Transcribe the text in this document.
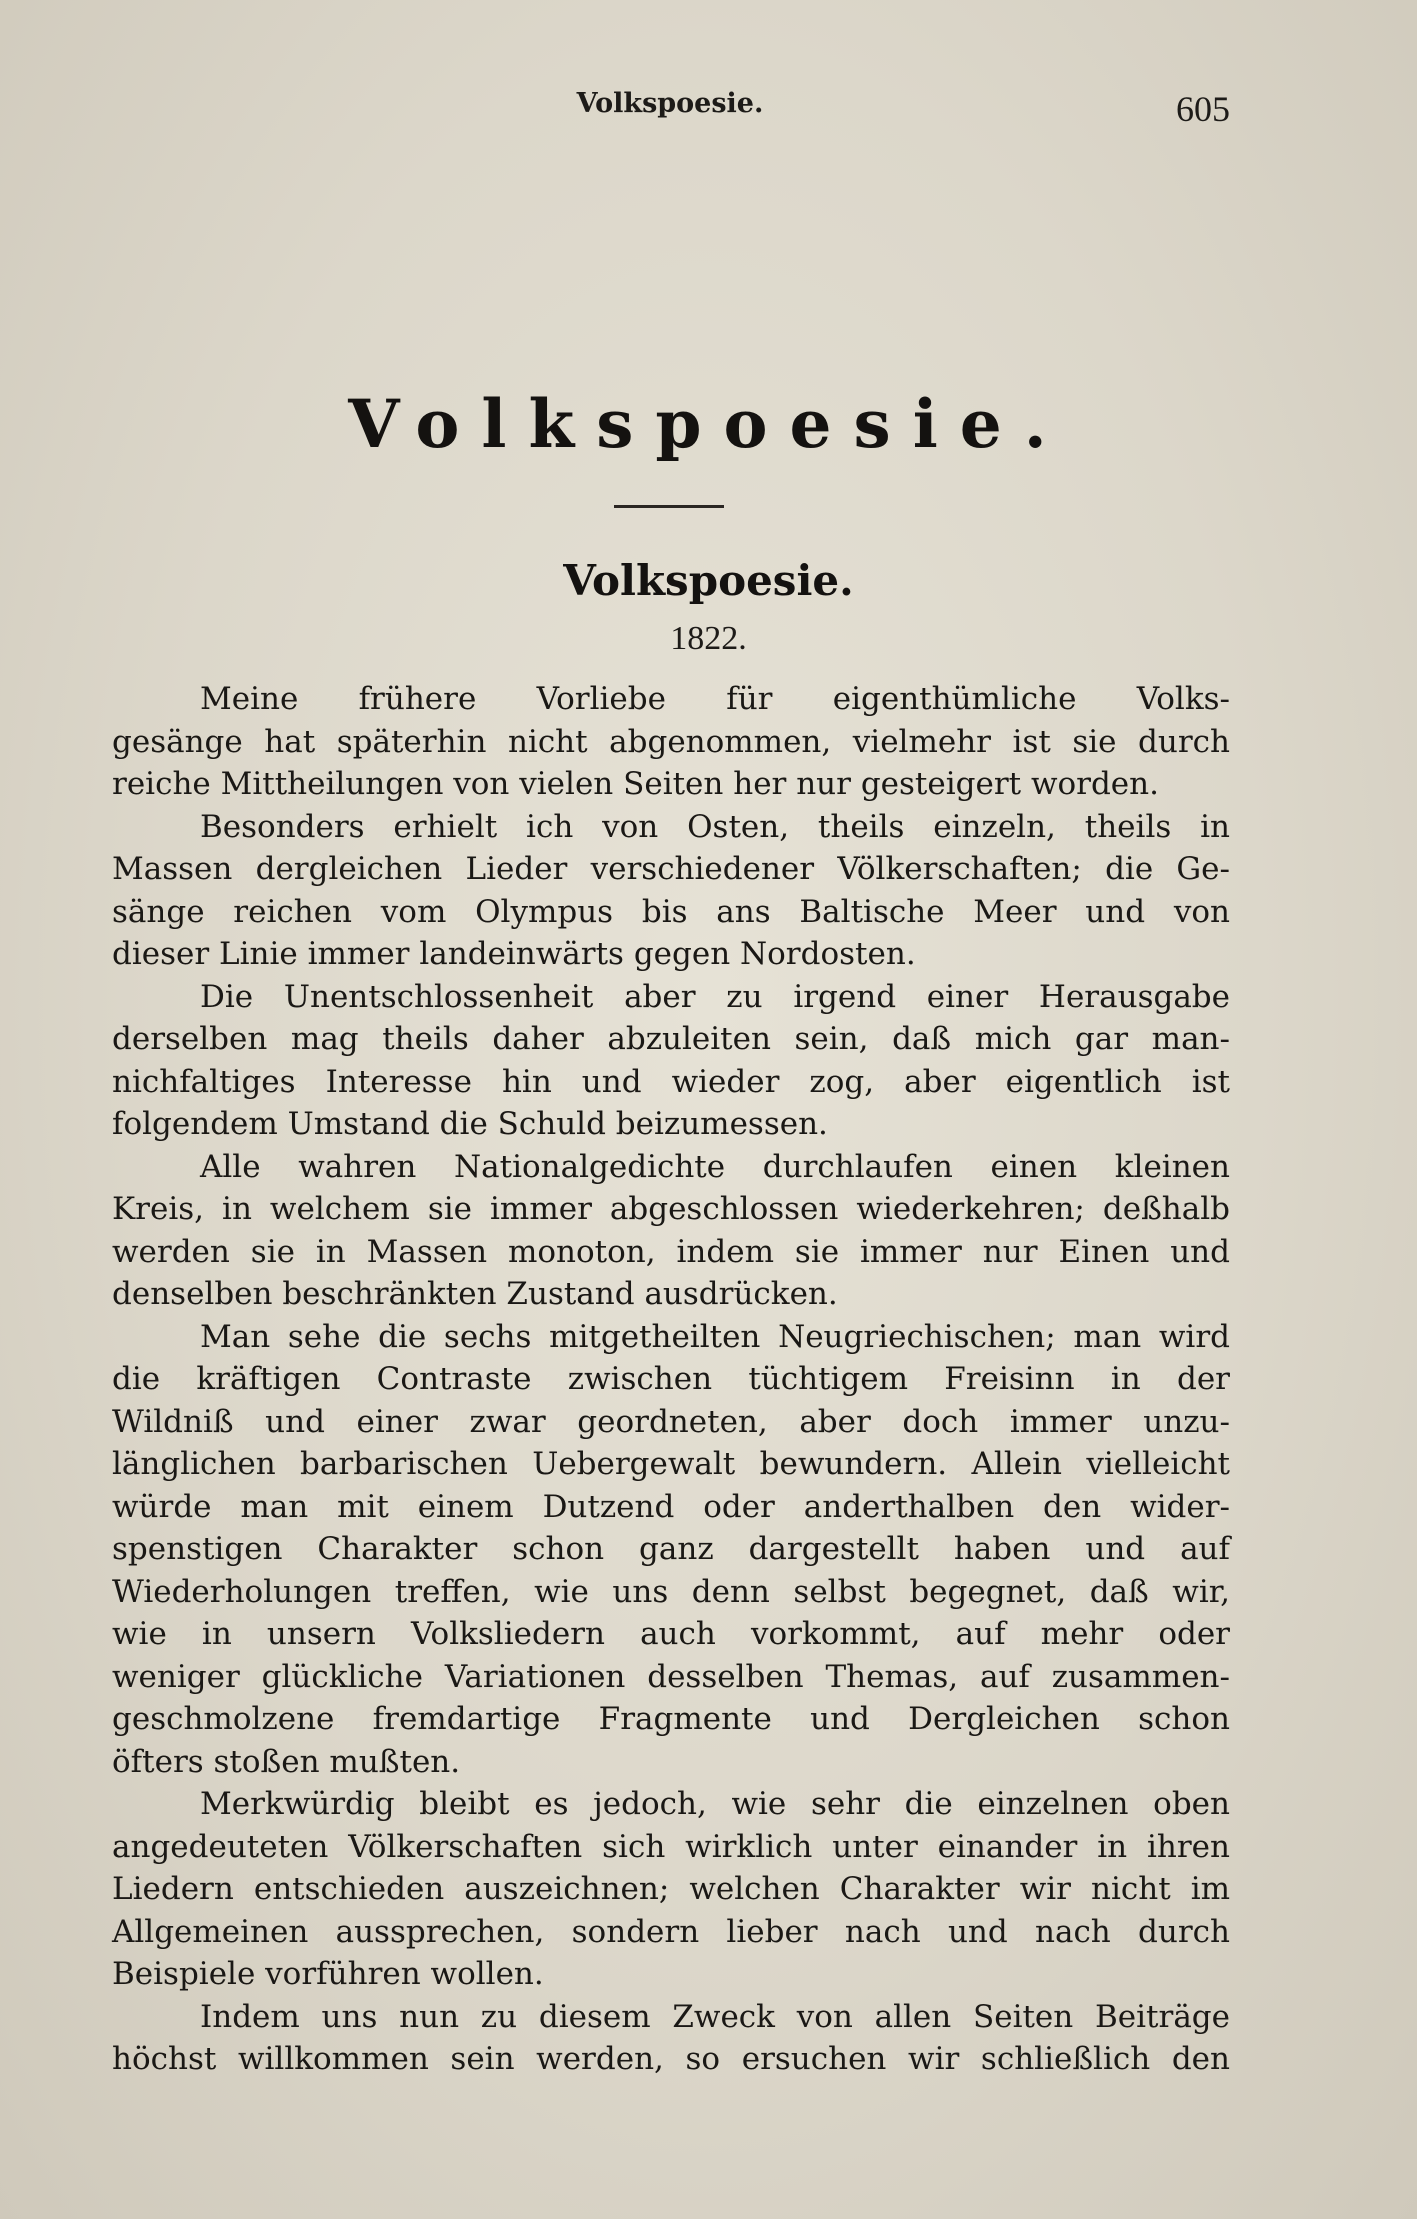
Volkspoesie.	605
Volkspoesie.
Volkspoesie.
1822.
Meine frühere Vorliebe für eigenthümliche Volks-
gesänge hat späterhin nicht abgenommen, vielmehr ist sie durch
reiche Mittheilungen von vielen Seiten her nur gesteigert worden.
Besonders erhielt ich von Osten, theils einzeln, theils in
Massen dergleichen Lieder verschiedener Völkerschaften; die Ge-
sänge reichen vom Olympus bis ans Baltische Meer und von
dieser Linie immer landeinwärts gegen Nordosten.
Die Unentschlossenheit aber zu irgend einer Herausgabe
derselben mag theils daher abzuleiten sein, daß mich gar man-
nichfaltiges Interesse hin und wieder zog, aber eigentlich ist
folgendem Umstand die Schuld beizumessen.
Alle wahren Nationalgedichte durchlaufen einen kleinen
Kreis, in welchem sie immer abgeschlossen wiederkehren; deßhalb
werden sie in Massen monoton, indem sie immer nur Einen und
denselben beschränkten Zustand ausdrücken.
Man sehe die sechs mitgetheilten Neugriechischen; man wird
die kräftigen Contraste zwischen tüchtigem Freisinn in der
Wildniß und einer zwar geordneten, aber doch immer unzu-
länglichen barbarischen Uebergewalt bewundern. Allein vielleicht
würde man mit einem Dutzend oder anderthalben den wider-
spenstigen Charakter schon ganz dargestellt haben und auf
Wiederholungen treffen, wie uns denn selbst begegnet, daß wir,
wie in unsern Volksliedern auch vorkommt, auf mehr oder
weniger glückliche Variationen desselben Themas, auf zusammen-
geschmolzene fremdartige Fragmente und Dergleichen schon
öfters stoßen mußten.
Merkwürdig bleibt es jedoch, wie sehr die einzelnen oben
angedeuteten Völkerschaften sich wirklich unter einander in ihren
Liedern entschieden auszeichnen; welchen Charakter wir nicht im
Allgemeinen aussprechen, sondern lieber nach und nach durch
Beispiele vorführen wollen.
Indem uns nun zu diesem Zweck von allen Seiten Beiträge
höchst willkommen sein werden, so ersuchen wir schließlich den
